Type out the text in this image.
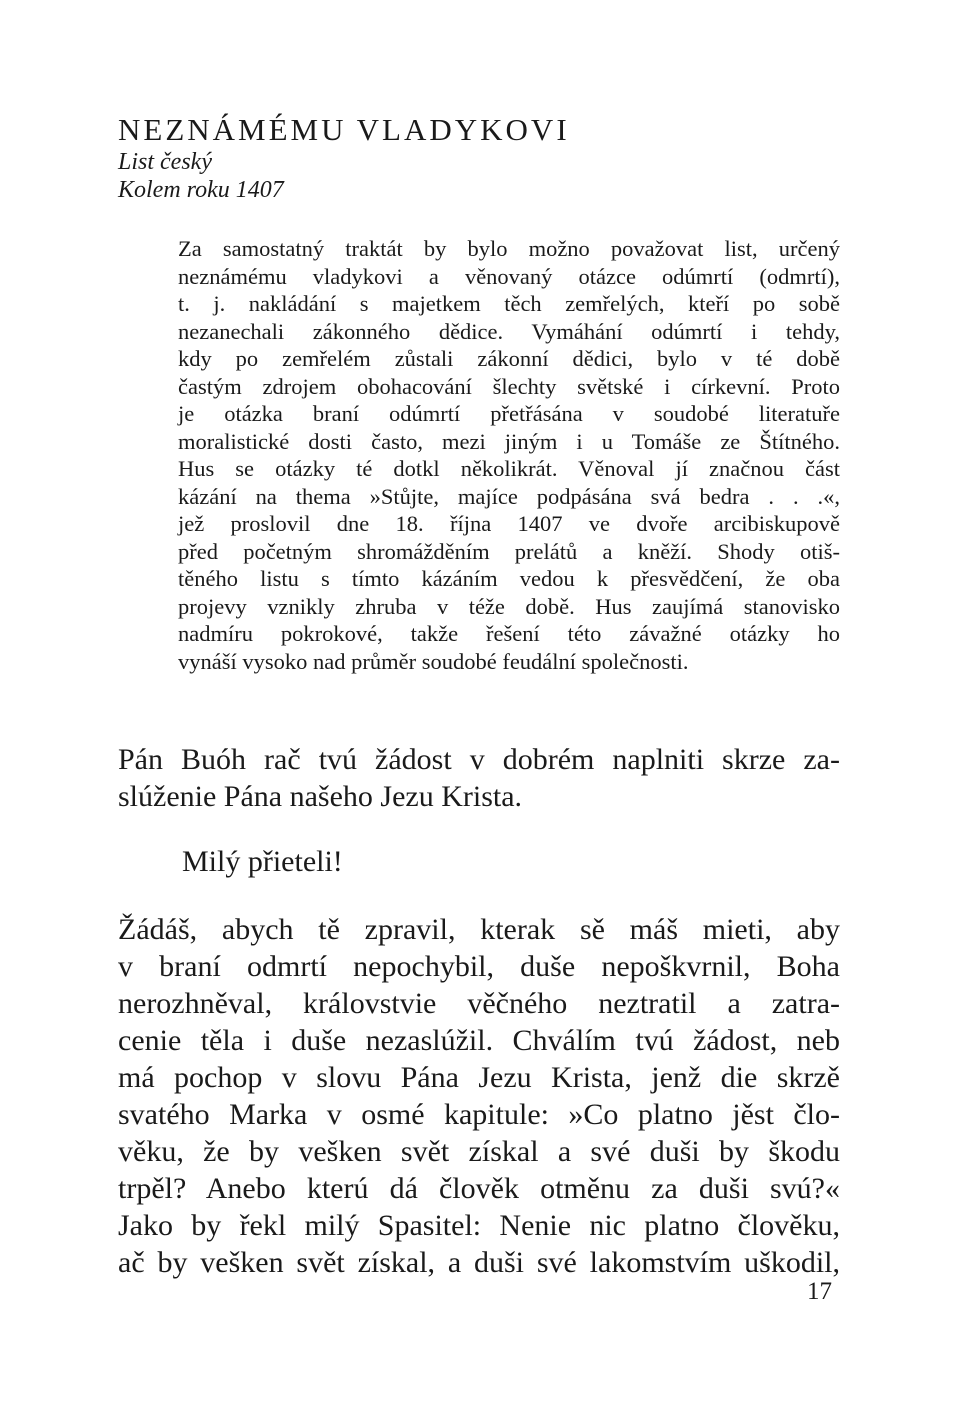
NEZNÁMÉMU VLADYKOVI

List český

Kolem roku 1407

Za samostatný traktát by bylo možno považovat list, určený
neznámému vladykovi a věnovaný otázce odúmrtí (odmrtí),
t. j. nakládání s majetkem těch zemřelých, kteří po sobě
nezanechali zákonného dědice. Vymáhání odúmrtí i tehdy,
kdy po zemřelém zůstali zákonní dědici, bylo v té době
častým zdrojem obohacování šlechty světské i církevní. Proto
je otázka braní odúmrtí přetřásána v soudobé literatuře
moralistické dosti často, mezi jiným i u Tomáše ze Štítného.
Hus se otázky té dotkl několikrát. Věnoval jí značnou část
kázání na thema »Stůjte, majíce podpásána svá bedra . . .«,
jež proslovil dne 18. října 1407 ve dvoře arcibiskupově
před početným shromážděním prelátů a kněží. Shody otiš-
těného listu s tímto kázáním vedou k přesvědčení, že oba
projevy vznikly zhruba v téže době. Hus zaujímá stanovisko
nadmíru pokrokové, takže řešení této závažné otázky ho
vynáší vysoko nad průměr soudobé feudální společnosti.
Pán Buóh rač tvú žádost v dobrém naplniti skrze za-
slúženie Pána našeho Jezu Krista.
Milý přieteli!
Žádáš, abych tě zpravil, kterak sě máš mieti, aby
v braní odmrtí nepochybil, duše nepoškvrnil, Boha
nerozhněval, královstvie věčného neztratil a zatra-
cenie těla i duše nezaslúžil. Chválím tvú žádost, neb
má pochop v slovu Pána Jezu Krista, jenž die skrzě
svatého Marka v osmé kapitule: »Co platno jěst člo-
věku, že by vešken svět získal a své duši by škodu
trpěl? Anebo kterú dá člověk otměnu za duši svú?«
Jako by řekl milý Spasitel: Nenie nic platno člověku,
ač by vešken svět získal, a duši své lakomstvím uškodil,
17
